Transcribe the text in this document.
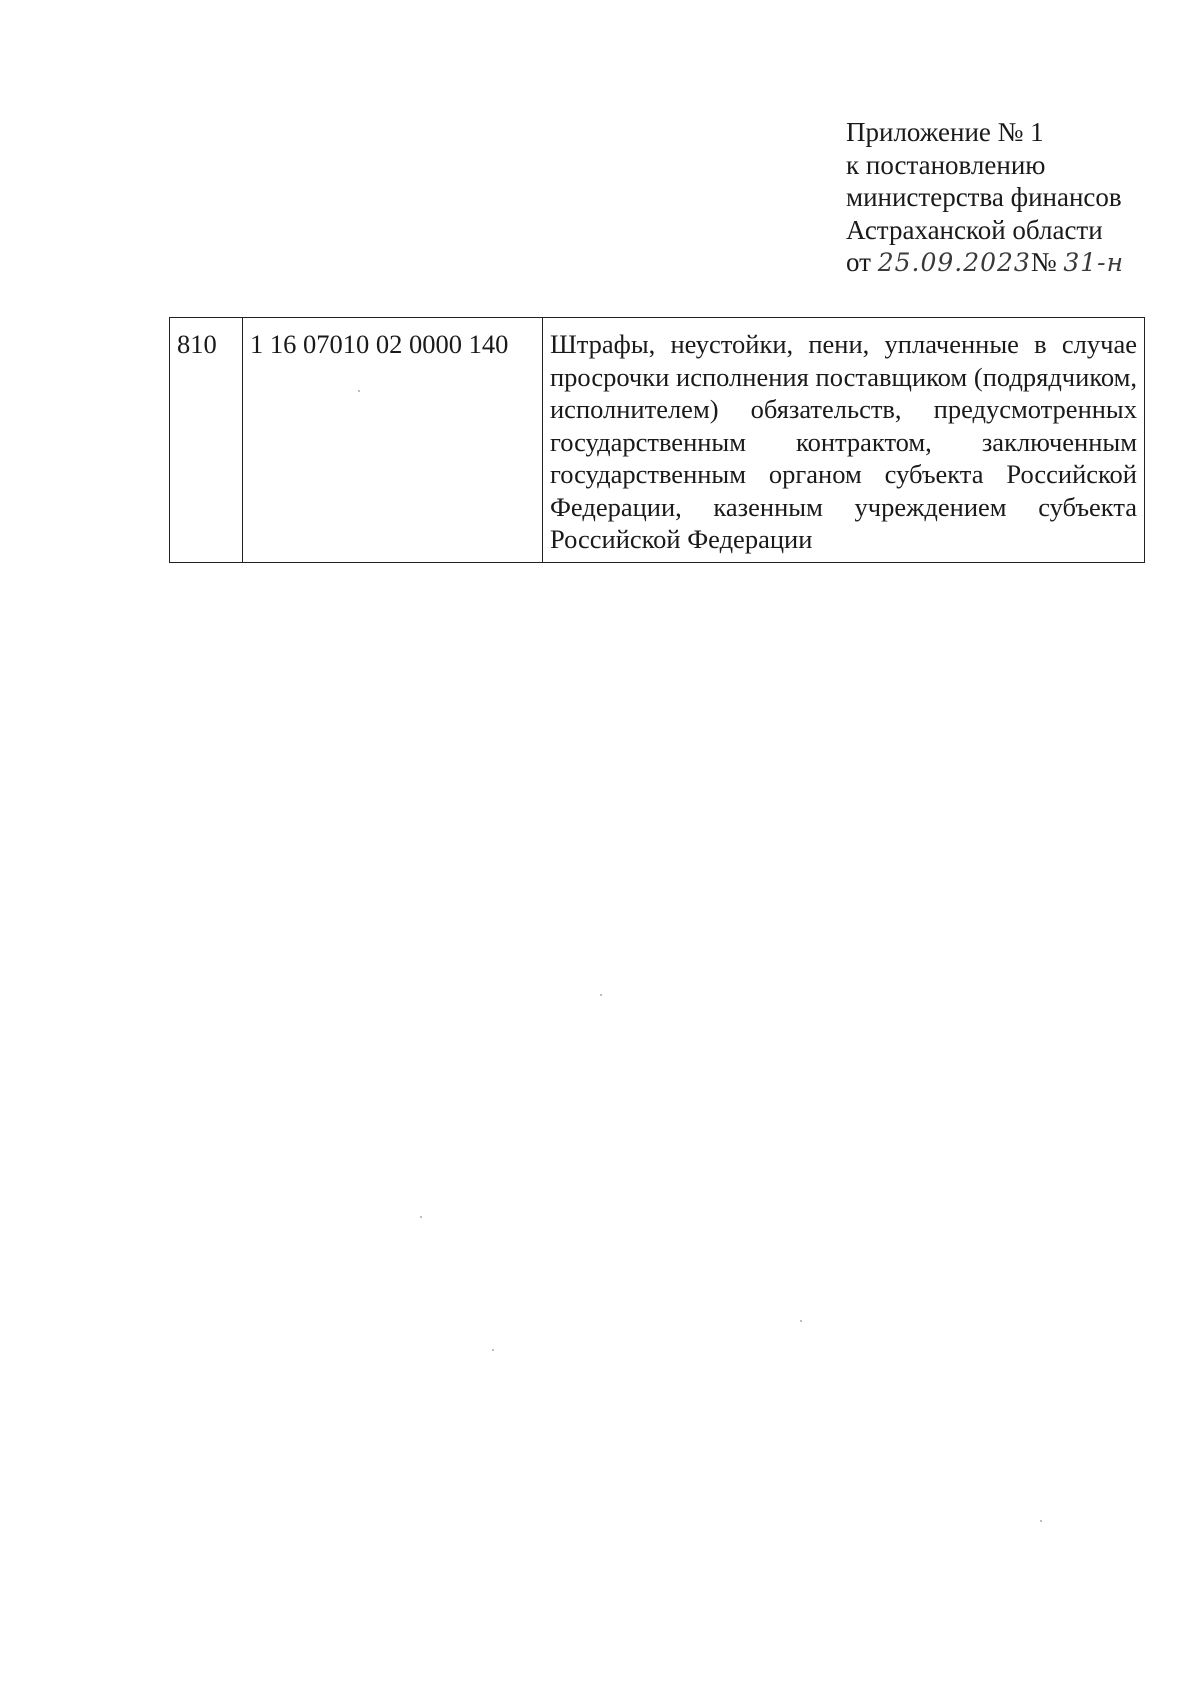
Приложение № 1
к постановлению
министерства финансов
Астраханской области
от 25.09.2023№ 31-н
810	1 16 07010 02 0000 140	Штрафы, неустойки, пени, уплаченные в случае просрочки исполнения поставщиком (подрядчиком, исполнителем) обязательств, предусмотренных государственным контрактом, заключенным государственным органом субъекта Российской Федерации, казенным учреждением субъекта Российской Федерации
